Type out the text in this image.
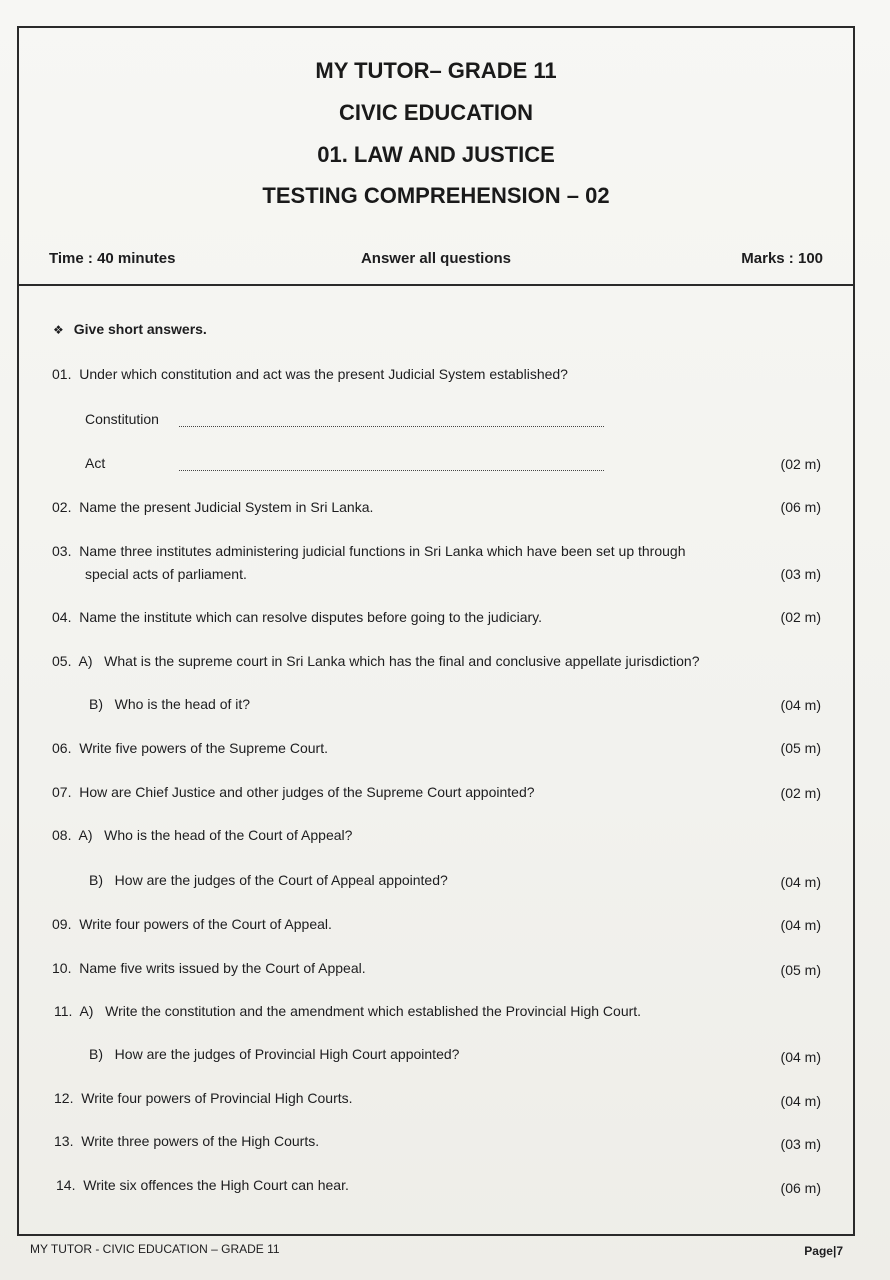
MY TUTOR– GRADE 11
CIVIC EDUCATION
01. LAW AND JUSTICE
TESTING COMPREHENSION – 02
Time : 40 minutes	Answer all questions	Marks : 100
❖ Give short answers.
01. Under which constitution and act was the present Judicial System established?
Constitution
Act	(02 m)
02. Name the present Judicial System in Sri Lanka.	(06 m)
03. Name three institutes administering judicial functions in Sri Lanka which have been set up through
special acts of parliament.	(03 m)
04. Name the institute which can resolve disputes before going to the judiciary.	(02 m)
05. A) What is the supreme court in Sri Lanka which has the final and conclusive appellate jurisdiction?
B) Who is the head of it?	(04 m)
06. Write five powers of the Supreme Court.	(05 m)
07. How are Chief Justice and other judges of the Supreme Court appointed?	(02 m)
08. A) Who is the head of the Court of Appeal?
B) How are the judges of the Court of Appeal appointed?	(04 m)
09. Write four powers of the Court of Appeal.	(04 m)
10. Name five writs issued by the Court of Appeal.	(05 m)
11. A) Write the constitution and the amendment which established the Provincial High Court.
B) How are the judges of Provincial High Court appointed?	(04 m)
12. Write four powers of Provincial High Courts.	(04 m)
13. Write three powers of the High Courts.	(03 m)
14. Write six offences the High Court can hear.	(06 m)
MY TUTOR - CIVIC EDUCATION – GRADE 11	Page|7
